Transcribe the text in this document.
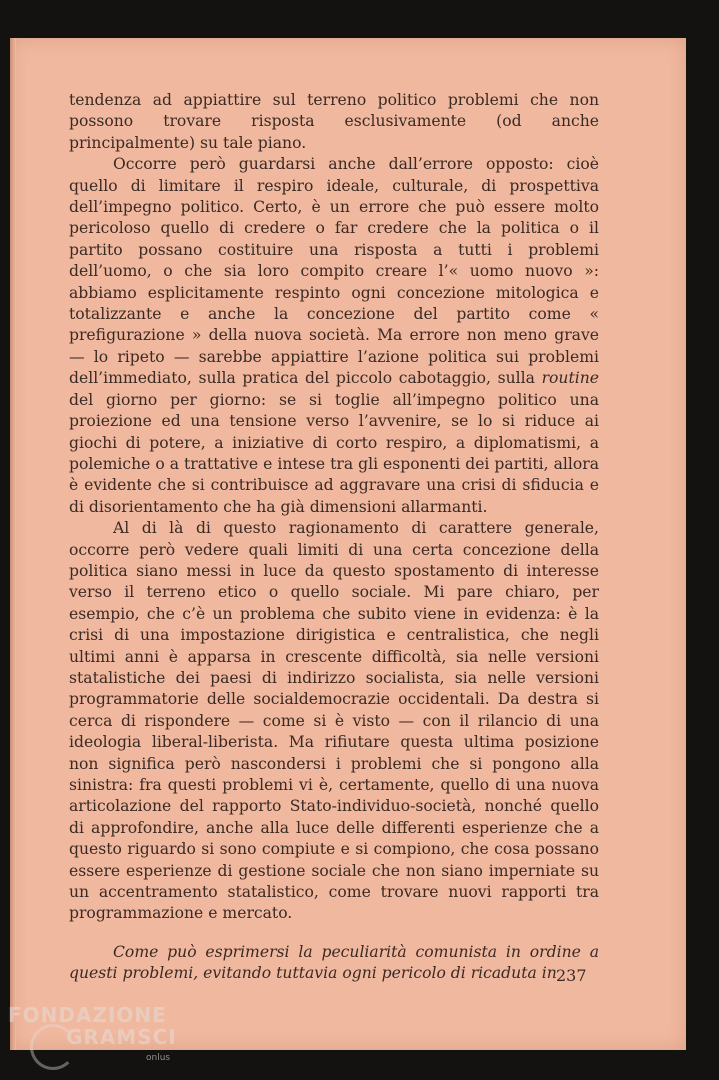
tendenza ad appiattire sul terreno politico problemi che non possono trovare risposta esclusivamente (od anche principalmente) su tale piano.

Occorre però guardarsi anche dall’errore opposto: cioè quello di limitare il respiro ideale, culturale, di prospettiva dell’impegno politico. Certo, è un errore che può essere molto pericoloso quello di credere o far credere che la politica o il partito possano costituire una risposta a tutti i problemi dell’uomo, o che sia loro compito creare l’« uomo nuovo »: abbiamo esplicitamente respinto ogni concezione mitologica e totalizzante e anche la concezione del partito come « prefigurazione » della nuova società. Ma errore non meno grave — lo ripeto — sarebbe appiattire l’azione politica sui problemi dell’immediato, sulla pratica del piccolo cabotaggio, sulla routine del giorno per giorno: se si toglie all’impegno politico una proiezione ed una tensione verso l’avvenire, se lo si riduce ai giochi di potere, a iniziative di corto respiro, a diplomatismi, a polemiche o a trattative e intese tra gli esponenti dei partiti, allora è evidente che si contribuisce ad aggravare una crisi di sfiducia e di disorientamento che ha già dimensioni allarmanti.

Al di là di questo ragionamento di carattere generale, occorre però vedere quali limiti di una certa concezione della politica siano messi in luce da questo spostamento di interesse verso il terreno etico o quello sociale. Mi pare chiaro, per esempio, che c’è un problema che subito viene in evidenza: è la crisi di una impostazione dirigistica e centralistica, che negli ultimi anni è apparsa in crescente difficoltà, sia nelle versioni statalistiche dei paesi di indirizzo socialista, sia nelle versioni programmatorie delle socialdemocrazie occidentali. Da destra si cerca di rispondere — come si è visto — con il rilancio di una ideologia liberal-liberista. Ma rifiutare questa ultima posizione non significa però nascondersi i problemi che si pongono alla sinistra: fra questi problemi vi è, certamente, quello di una nuova articolazione del rapporto Stato-individuo-società, nonché quello di approfondire, anche alla luce delle differenti esperienze che a questo riguardo si sono compiute e si compiono, che cosa possano essere esperienze di gestione sociale che non siano imperniate su un accentramento statalistico, come trovare nuovi rapporti tra programmazione e mercato.

Come può esprimersi la peculiarità comunista in ordine a questi problemi, evitando tuttavia ogni pericolo di ricaduta in 237
FONDAZIONE
GRAMSCI
onlus
